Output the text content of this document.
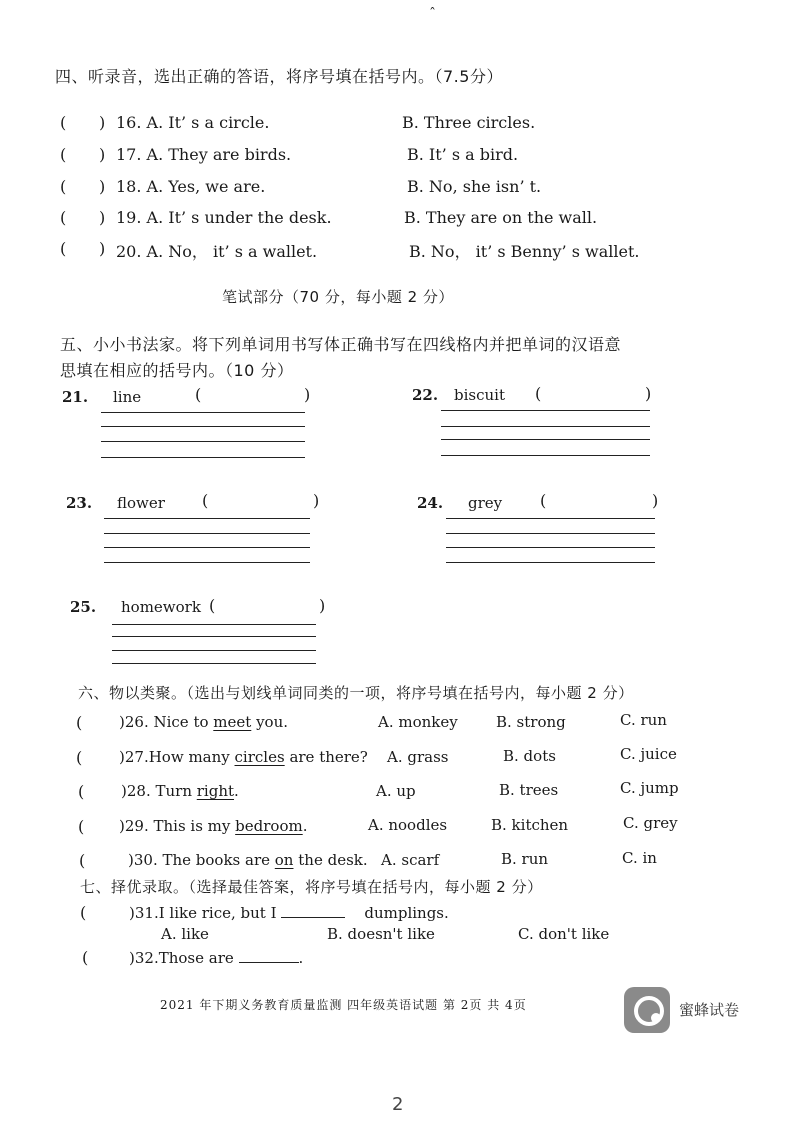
ˆ
四、听录音，选出正确的答语，将序号填在括号内。（7.5分）
( ) 16. A. It’ s a circle.	B. Three circles.
( ) 17. A. They are birds.	B. It’ s a bird.
( ) 18. A. Yes, we are.	B. No, she isn’ t.
( ) 19. A. It’ s under the desk.	B. They are on the wall.
( ) 20. A. No， it’ s a wallet.	B. No， it’ s Benny’ s wallet.
笔试部分（70 分，每小题 2 分）
五、小小书法家。将下列单词用书写体正确书写在四线格内并把单词的汉语意
思填在相应的括号内。（10 分）
21. line	(	)	22. biscuit (	)
23. flower (	)	24. grey (	)
25. homework (	)
六、物以类聚。（选出与划线单词同类的一项，将序号填在括号内，每小题 2 分）
( )26. Nice to meet you.	A. monkey	B. strong	C. run
( )27.How many circles are there? A. grass	B. dots	C. juice
( )28. Turn right.	A. up	B. trees	C. jump
( )29. This is my bedroom.	A. noodles	B. kitchen	C. grey
(	)30. The books are on the desk. A. scarf	B. run	C. in
七、择优录取。（选择最佳答案，将序号填在括号内，每小题 2 分）
(	)31.I like rice, but I	dumplings.
A. like	B. doesn't like	C. don't like
(	)32.Those are	.
2021 年下期义务教育质量监测 四年级英语试题 第 2页 共 4页	蜜蜂试卷
2
